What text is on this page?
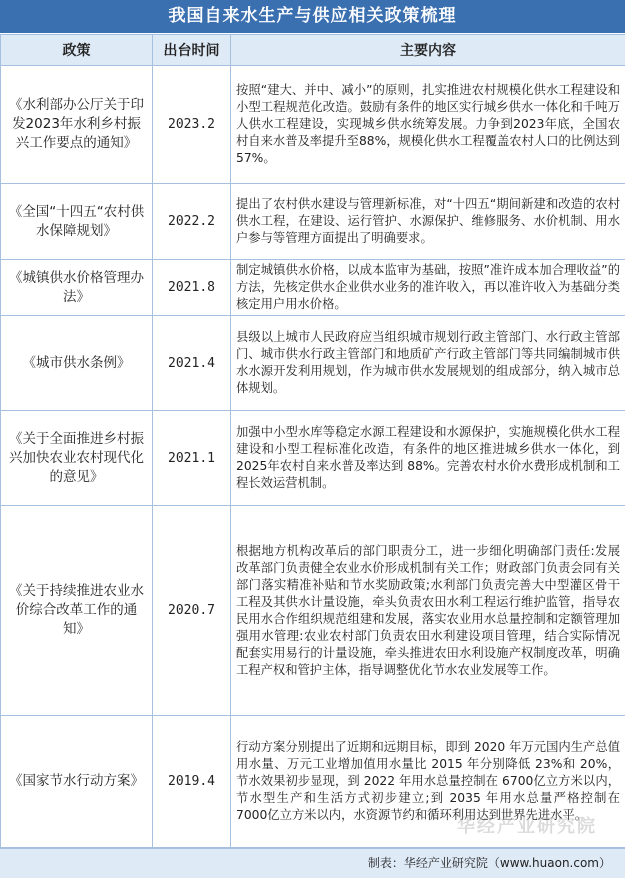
我国自来水生产与供应相关政策梳理
政策	出台时间	主要内容
《水利部办公厅关于印发2023年水利乡村振兴工作要点的通知》	2023.2	按照“建大、并中、减小”的原则，扎实推进农村规模化供水工程建设和小型工程规范化改造。鼓励有条件的地区实行城乡供水一体化和千吨万人供水工程建设，实现城乡供水统筹发展。力争到2023年底，全国农村自来水普及率提升至88%，规模化供水工程覆盖农村人口的比例达到57%。
《全国“十四五“农村供水保障规划》	2022.2	提出了农村供水建设与管理新标准，对“十四五“期间新建和改造的农村供水工程，在建设、运行管护、水源保护、维修服务、水价机制、用水户参与等管理方面提出了明确要求。
《城镇供水价格管理办法》	2021.8	制定城镇供水价格，以成本监审为基础，按照”准许成本加合理收益”的方法，先核定供水企业供水业务的准许收入，再以准许收入为基础分类核定用户用水价格。
《城市供水条例》	2021.4	县级以上城市人民政府应当组织城市规划行政主管部门、水行政主管部门、城市供水行政主管部门和地质矿产行政主管部门等共同编制城市供水水源开发利用规划，作为城市供水发展规划的组成部分，纳入城市总体规划。
《关于全面推进乡村振兴加快农业农村现代化的意见》	2021.1	加强中小型水库等稳定水源工程建设和水源保护，实施规模化供水工程建设和小型工程标准化改造，有条件的地区推进城乡供水一体化，到2025年农村自来水普及率达到 88%。完善农村水价水费形成机制和工程长效运营机制。
《关于持续推进农业水价综合改革工作的通知》	2020.7	根据地方机构改革后的部门职责分工，进一步细化明确部门责任:发展改革部门负责健全农业水价形成机制有关工作；财政部门负责会同有关部门落实精准补贴和节水奖励政策;水利部门负责完善大中型灌区骨干工程及其供水计量设施，牵头负责农田水利工程运行维护监管，指导农民用水合作组织规范组建和发展，落实农业用水总量控制和定额管理加强用水管理:农业农村部门负责农田水利建设项目管理，结合实际情况配套实用易行的计量设施，牵头推进农田水利设施产权制度改革，明确工程产权和管护主体，指导调整优化节水农业发展等工作。
《国家节水行动方案》	2019.4	行动方案分别提出了近期和远期目标，即到 2020 年万元国内生产总值用水量、万元工业增加值用水量比 2015 年分别降低 23%和 20%，节水效果初步显现，到 2022 年用水总量控制在 6700亿立方米以内，节水型生产和生活方式初步建立;到 2035 年用水总量严格控制在 7000亿立方米以内，水资源节约和循环利用达到世界先进水平。
华经产业研究院
制表：华经产业研究院（www.huaon.com）
